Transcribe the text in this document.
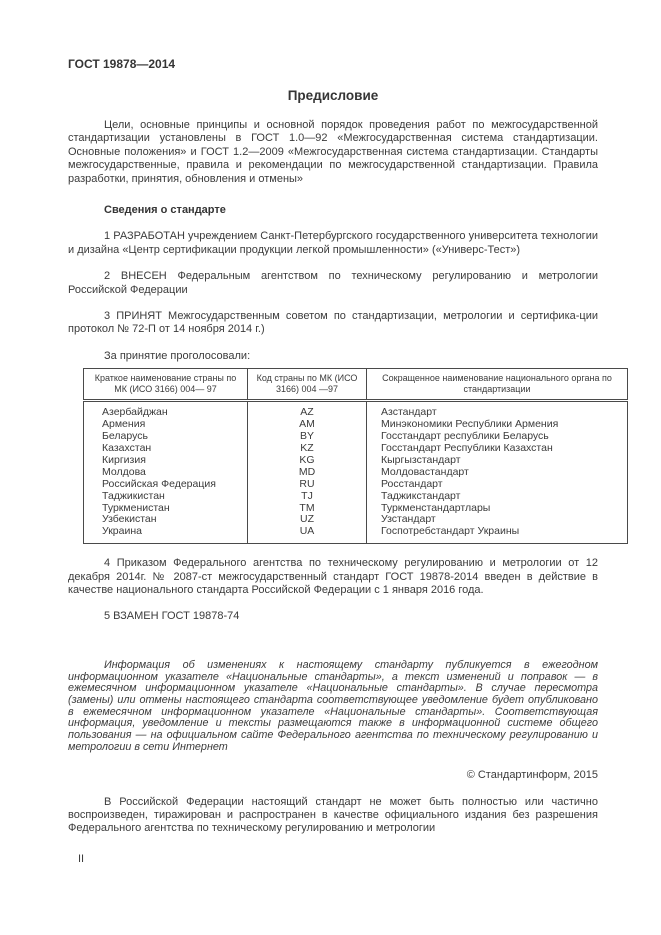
ГОСТ 19878—2014
Предисловие

Цели, основные принципы и основной порядок проведения работ по межгосударственной стандартизации установлены в ГОСТ 1.0—92 «Межгосударственная система стандартизации. Основные положения» и ГОСТ 1.2—2009 «Межгосударственная система стандартизации. Стандарты межгосударственные, правила и рекомендации по межгосударственной стандартизации. Правила разработки, принятия, обновления и отмены»

Сведения о стандарте

1 РАЗРАБОТАН учреждением Санкт-Петербургского государственного университета технологии и дизайна «Центр сертификации продукции легкой промышленности» («Универс-Тест»)

2 ВНЕСЕН Федеральным агентством по техническому регулированию и метрологии Российской Федерации

3 ПРИНЯТ Межгосударственным советом по стандартизации, метрологии и сертифика-ции протокол № 72-П от 14 ноября 2014 г.)

За принятие проголосовали:

Краткое наименование страны по МК (ИСО 3166) 004— 97	Код страны по МК (ИСО 3166) 004 —97	Сокращенное наименование национального органа по стандартизации
Азербайджан	AZ	Азстандарт
Армения	AM	Минэкономики Республики Армения
Беларусь	BY	Госстандарт республики Беларусь
Казахстан	KZ	Госстандарт Республики Казахстан
Киргизия	KG	Кыргызстандарт
Молдова	MD	Молдовастандарт
Российская Федерация	RU	Росстандарт
Таджикистан	TJ	Таджикстандарт
Туркменистан	TM	Туркменстандартлары
Узбекистан	UZ	Узстандарт
Украина	UA	Госпотребстандарт Украины

4 Приказом Федерального агентства по техническому регулированию и метрологии от 12 декабря 2014г. № 2087-ст межгосударственный стандарт ГОСТ 19878-2014 введен в действие в качестве национального стандарта Российской Федерации с 1 января 2016 года.

5 ВЗАМЕН ГОСТ 19878-74

Информация об изменениях к настоящему стандарту публикуется в ежегодном информационном указателе «Национальные стандарты», а текст изменений и поправок — в ежемесячном информационном указателе «Национальные стандарты». В случае пересмотра (замены) или отмены настоящего стандарта соответствующее уведомление будет опубликовано в ежемесячном информационном указателе «Национальные стандарты». Соответствующая информация, уведомление и тексты размещаются также в информационной системе общего пользования — на официальном сайте Федерального агентства по техническому регулированию и метрологии в сети Интернет

© Стандартинформ, 2015

В Российской Федерации настоящий стандарт не может быть полностью или частично воспроизведен, тиражирован и распространен в качестве официального издания без разрешения Федерального агентства по техническому регулированию и метрологии

II
